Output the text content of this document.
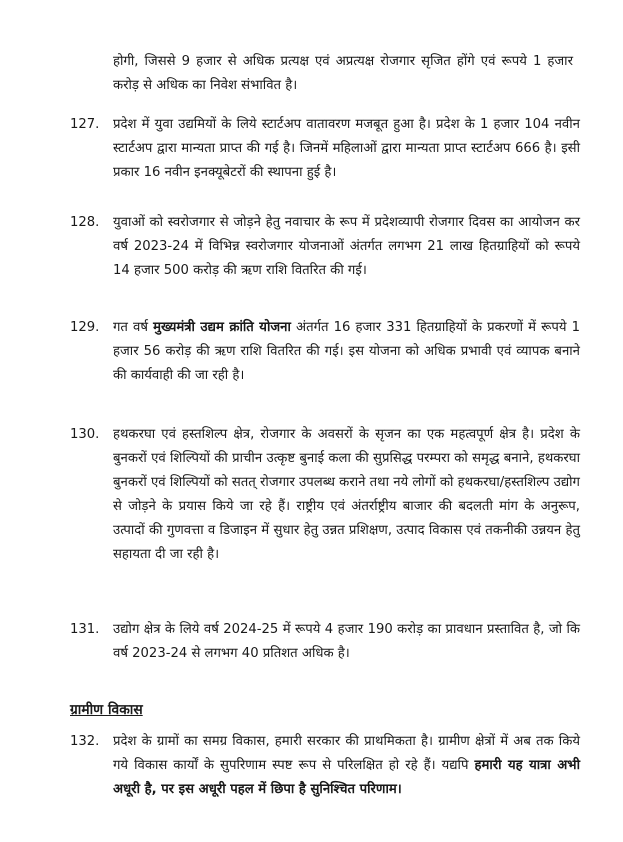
होगी, जिससे 9 हजार से अधिक प्रत्यक्ष एवं अप्रत्यक्ष रोजगार सृजित होंगे एवं रूपये 1 हजार करोड़ से अधिक का निवेश संभावित है।

127.	प्रदेश में युवा उद्यमियों के लिये स्टार्टअप वातावरण मजबूत हुआ है। प्रदेश के 1 हजार 104 नवीन स्टार्टअप द्वारा मान्यता प्राप्त की गई है। जिनमें महिलाओं द्वारा मान्यता प्राप्त स्टार्टअप 666 है। इसी प्रकार 16 नवीन इनक्यूबेटरों की स्थापना हुई है।
128.	युवाओं को स्वरोजगार से जोड़ने हेतु नवाचार के रूप में प्रदेशव्यापी रोजगार दिवस का आयोजन कर वर्ष 2023-24 में विभिन्न स्वरोजगार योजनाओं अंतर्गत लगभग 21 लाख हितग्राहियों को रूपये 14 हजार 500 करोड़ की ऋण राशि वितरित की गई।
129.	गत वर्ष मुख्यमंत्री उद्यम क्रांति योजना अंतर्गत 16 हजार 331 हितग्राहियों के प्रकरणों में रूपये 1 हजार 56 करोड़ की ऋण राशि वितरित की गई। इस योजना को अधिक प्रभावी एवं व्यापक बनाने की कार्यवाही की जा रही है।
130.	हथकरघा एवं हस्तशिल्प क्षेत्र, रोजगार के अवसरों के सृजन का एक महत्वपूर्ण क्षेत्र है। प्रदेश के बुनकरों एवं शिल्पियों की प्राचीन उत्कृष्ट बुनाई कला की सुप्रसिद्ध परम्परा को समृद्ध बनाने, हथकरघा बुनकरों एवं शिल्पियों को सतत् रोजगार उपलब्ध कराने तथा नये लोगों को हथकरघा/हस्तशिल्प उद्योग से जोड़ने के प्रयास किये जा रहे हैं। राष्ट्रीय एवं अंतर्राष्ट्रीय बाजार की बदलती मांग के अनुरूप, उत्पादों की गुणवत्ता व डिजाइन में सुधार हेतु उन्नत प्रशिक्षण, उत्पाद विकास एवं तकनीकी उन्नयन हेतु सहायता दी जा रही है।
131.	उद्योग क्षेत्र के लिये वर्ष 2024-25 में रूपये 4 हजार 190 करोड़ का प्रावधान प्रस्तावित है, जो कि वर्ष 2023-24 से लगभग 40 प्रतिशत अधिक है।
ग्रामीण विकास
132.	प्रदेश के ग्रामों का समग्र विकास, हमारी सरकार की प्राथमिकता है। ग्रामीण क्षेत्रों में अब तक किये गये विकास कार्यों के सुपरिणाम स्पष्ट रूप से परिलक्षित हो रहे हैं। यद्यपि हमारी यह यात्रा अभी अधूरी है, पर इस अधूरी पहल में छिपा है सुनिश्चित परिणाम।
